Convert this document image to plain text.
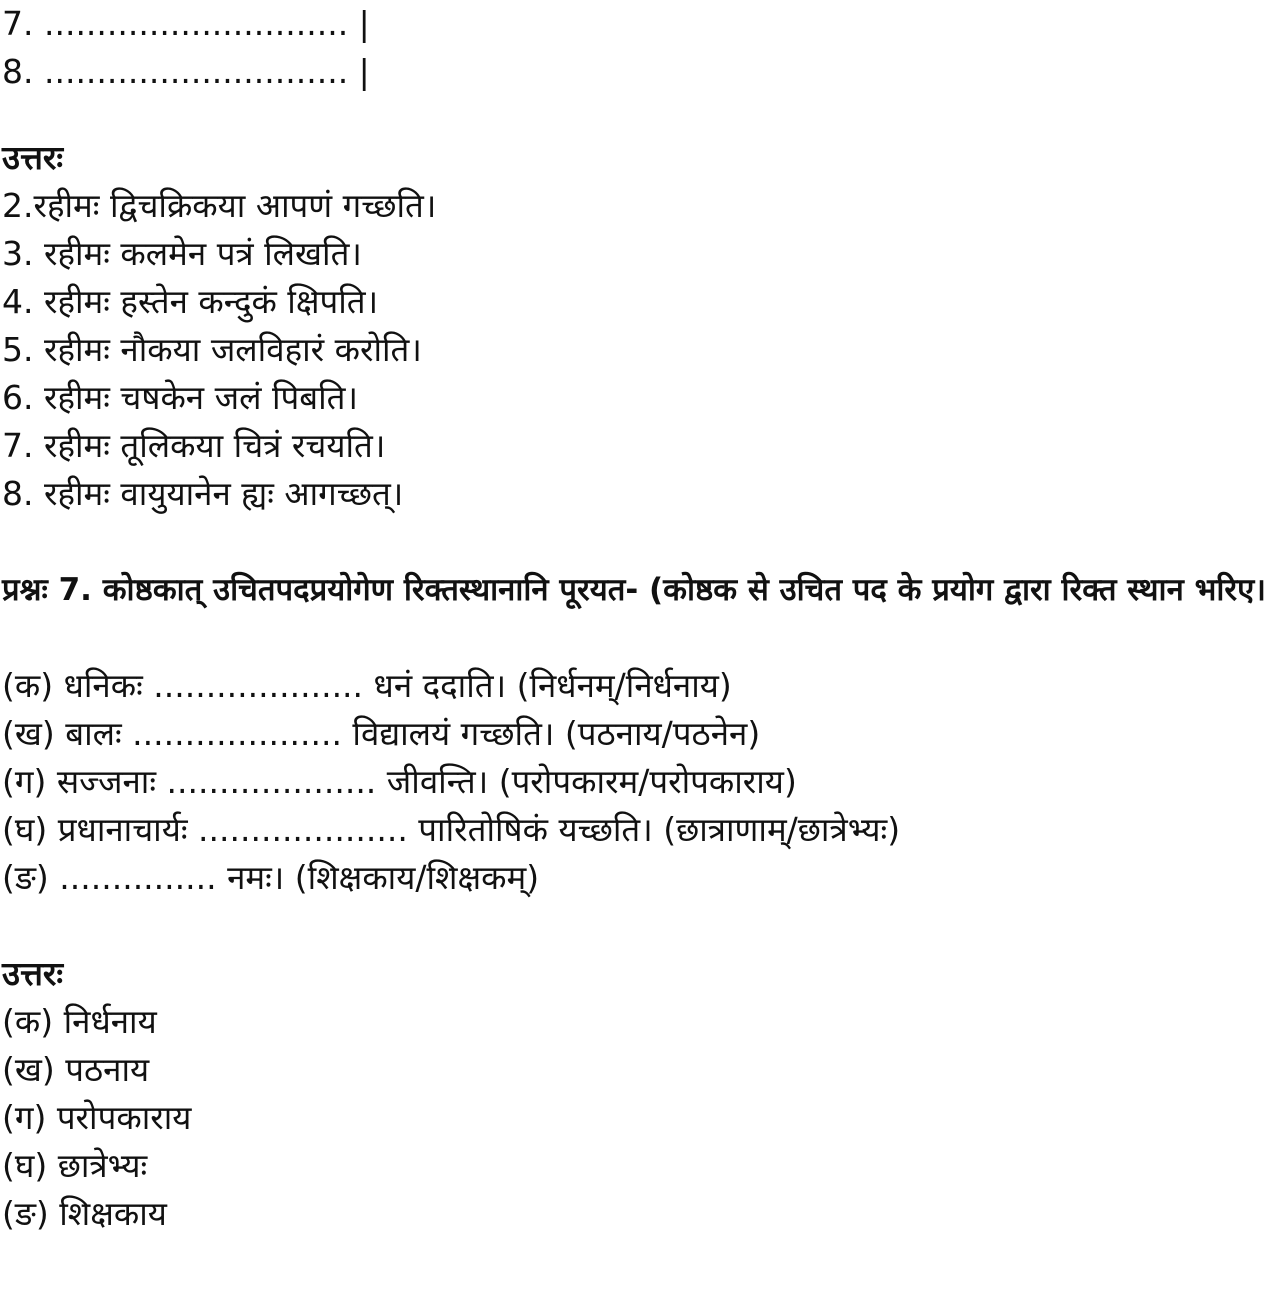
7. ............................. |

8. ............................. |

उत्तरः

2.रहीमः द्विचक्रिकया आपणं गच्छति।

3. रहीमः कलमेन पत्रं लिखति।

4. रहीमः हस्तेन कन्दुकं क्षिपति।

5. रहीमः नौकया जलविहारं करोति।

6. रहीमः चषकेन जलं पिबति।

7. रहीमः तूलिकया चित्रं रचयति।

8. रहीमः वायुयानेन ह्यः आगच्छत्।

प्रश्नः 7. कोष्ठकात् उचितपदप्रयोगेण रिक्तस्थानानि पूरयत- (कोष्ठक से उचित पद के प्रयोग द्वारा रिक्त स्थान भरिए।

(क) धनिकः .................... धनं ददाति। (निर्धनम्/निर्धनाय)

(ख) बालः .................... विद्यालयं गच्छति। (पठनाय/पठनेन)

(ग) सज्जनाः .................... जीवन्ति। (परोपकारम/परोपकाराय)

(घ) प्रधानाचार्यः .................... पारितोषिकं यच्छति। (छात्राणाम्/छात्रेभ्यः)

(ङ) ............... नमः। (शिक्षकाय/शिक्षकम्)

उत्तरः

(क) निर्धनाय

(ख) पठनाय

(ग) परोपकाराय

(घ) छात्रेभ्यः

(ङ) शिक्षकाय
